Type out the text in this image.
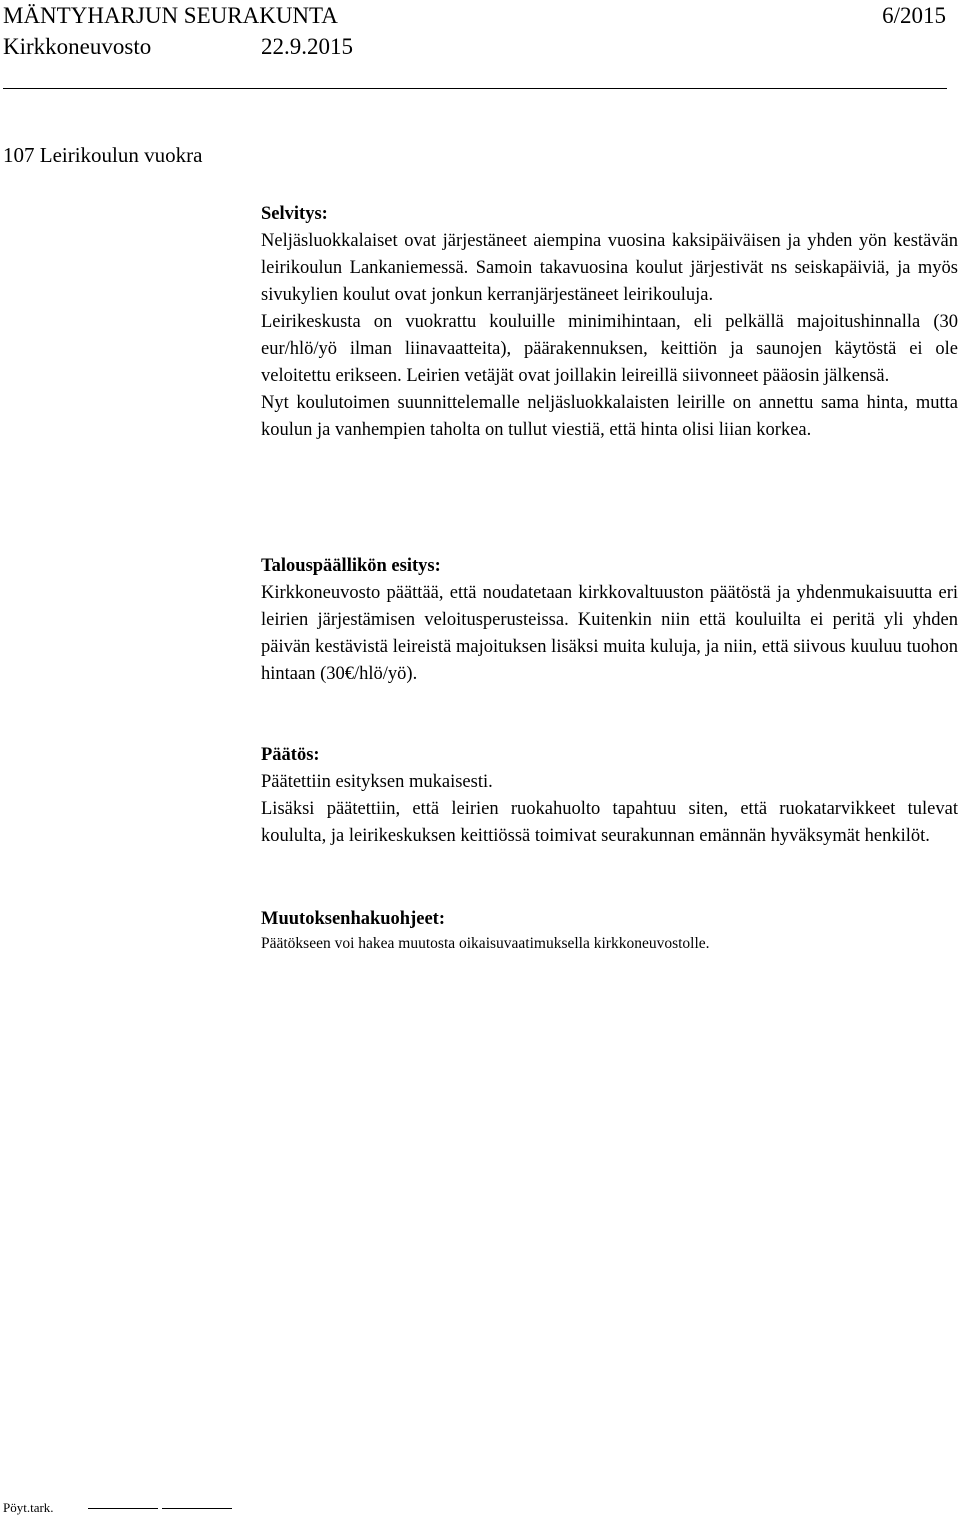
MÄNTYHARJUN SEURAKUNTA	6/2015
Kirkkoneuvosto	22.9.2015
107 Leirikoulun vuokra
Selvitys:

Neljäsluokkalaiset ovat järjestäneet aiempina vuosina kaksipäiväisen ja yhden yön kestävän leirikoulun Lankaniemessä. Samoin takavuosina koulut järjestivät ns seiskapäiviä, ja myös sivukylien koulut ovat jonkun kerranjärjestäneet leirikouluja.

Leirikeskusta on vuokrattu kouluille minimihintaan, eli pelkällä majoitushinnalla (30 eur/hlö/yö ilman liinavaatteita), päärakennuksen, keittiön ja saunojen käytöstä ei ole veloitettu erikseen. Leirien vetäjät ovat joillakin leireillä siivonneet pääosin jälkensä.

Nyt koulutoimen suunnittelemalle neljäsluokkalaisten leirille on annettu sama hinta, mutta koulun ja vanhempien taholta on tullut viestiä, että hinta olisi liian korkea.

Talouspäällikön esitys:

Kirkkoneuvosto päättää, että noudatetaan kirkkovaltuuston päätöstä ja yhdenmukaisuutta eri leirien järjestämisen veloitusperusteissa. Kuitenkin niin että kouluilta ei peritä yli yhden päivän kestävistä leireistä majoituksen lisäksi muita kuluja, ja niin, että siivous kuuluu tuohon hintaan (30€/hlö/yö).

Päätös:

Päätettiin esityksen mukaisesti.

Lisäksi päätettiin, että leirien ruokahuolto tapahtuu siten, että ruokatarvikkeet tulevat koululta, ja leirikeskuksen keittiössä toimivat seurakunnan emännän hyväksymät henkilöt.

Muutoksenhakuohjeet:

Päätökseen voi hakea muutosta oikaisuvaatimuksella kirkkoneuvostolle.

Pöyt.tark.
